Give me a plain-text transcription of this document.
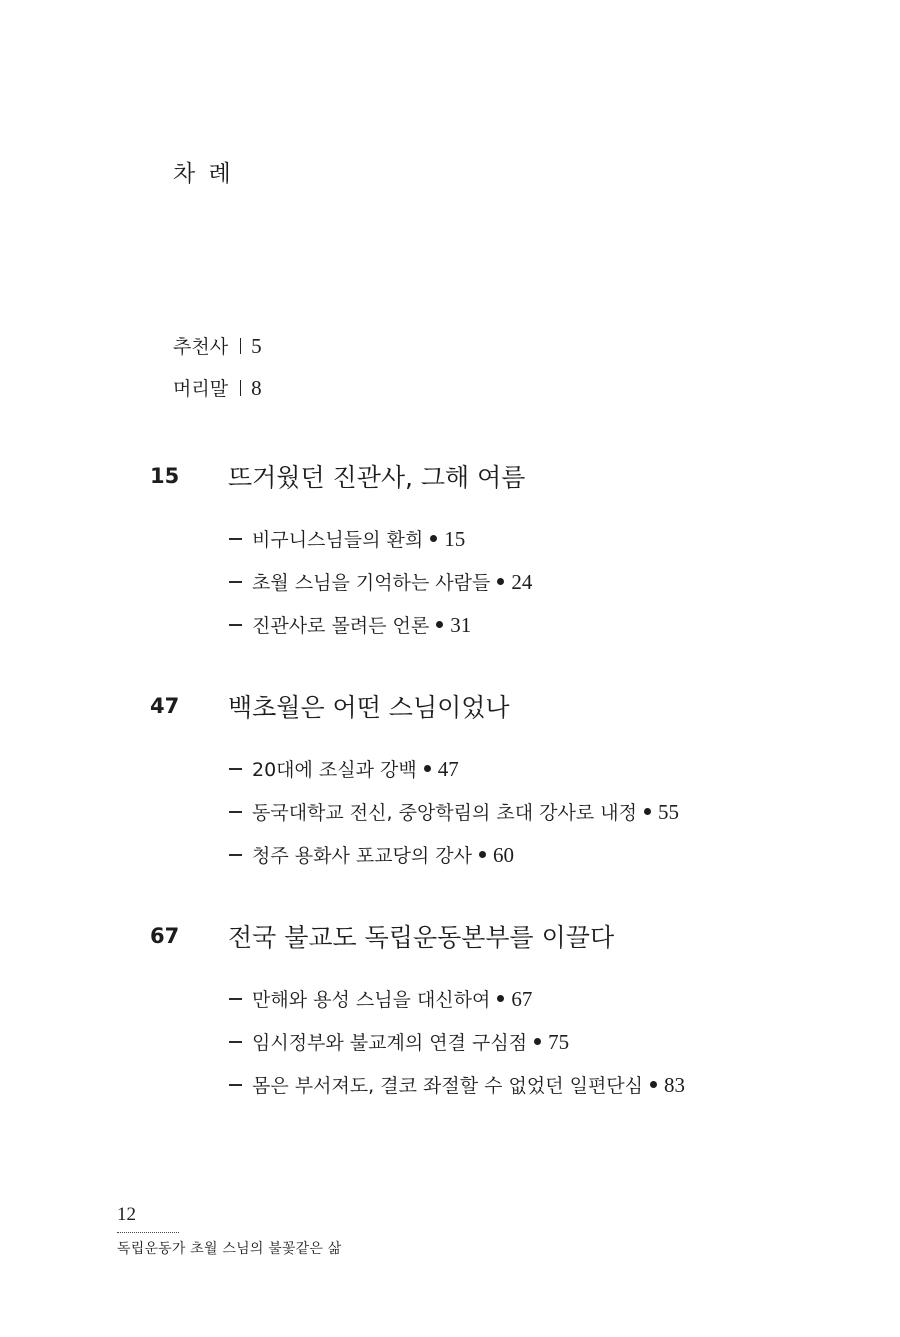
차 례
추천사 5
머리말 8
15 뜨거웠던 진관사, 그해 여름
비구니스님들의 환희 15
초월 스님을 기억하는 사람들 24
진관사로 몰려든 언론 31
47 백초월은 어떤 스님이었나
20대에 조실과 강백 47
동국대학교 전신, 중앙학림의 초대 강사로 내정 55
청주 용화사 포교당의 강사 60
67 전국 불교도 독립운동본부를 이끌다
만해와 용성 스님을 대신하여 67
임시정부와 불교계의 연결 구심점 75
몸은 부서져도, 결코 좌절할 수 없었던 일편단심 83
12
독립운동가 초월 스님의 불꽃같은 삶
